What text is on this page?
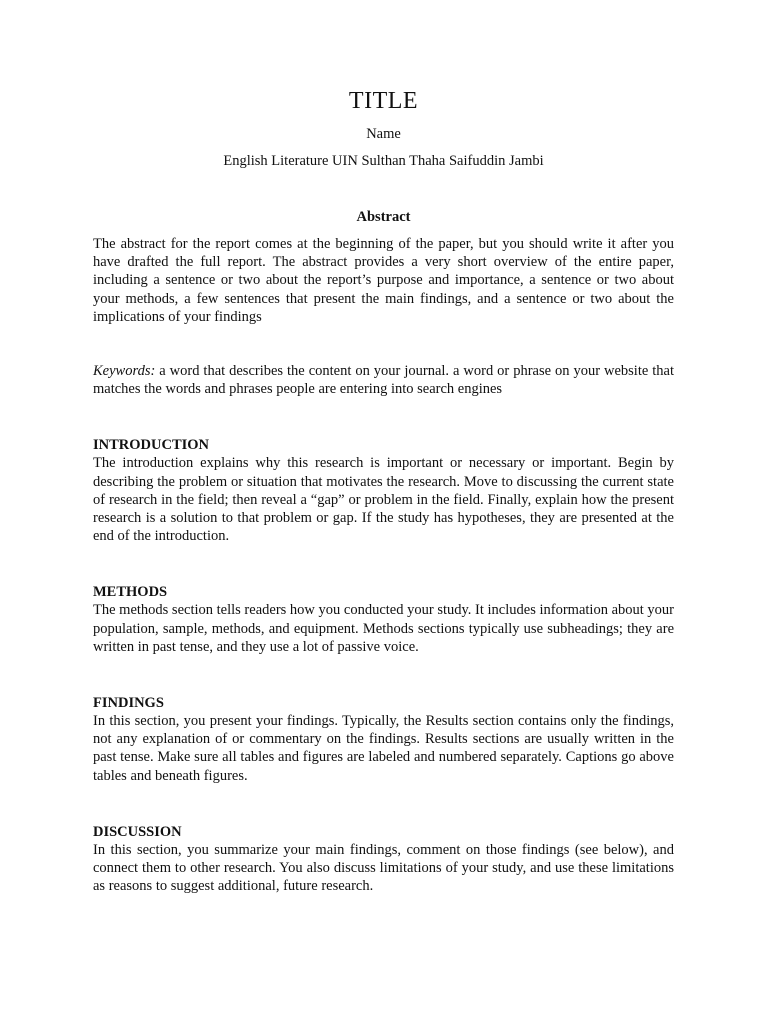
TITLE
Name
English Literature UIN Sulthan Thaha Saifuddin Jambi
Abstract

The abstract for the report comes at the beginning of the paper, but you should write it after you have drafted the full report. The abstract provides a very short overview of the entire paper, including a sentence or two about the report’s purpose and importance, a sentence or two about your methods, a few sentences that present the main findings, and a sentence or two about the implications of your findings

Keywords: a word that describes the content on your journal. a word or phrase on your website that matches the words and phrases people are entering into search engines

INTRODUCTION

The introduction explains why this research is important or necessary or important. Begin by describing the problem or situation that motivates the research. Move to discussing the current state of research in the field; then reveal a “gap” or problem in the field. Finally, explain how the present research is a solution to that problem or gap. If the study has hypotheses, they are presented at the end of the introduction.

METHODS

The methods section tells readers how you conducted your study. It includes information about your population, sample, methods, and equipment. Methods sections typically use subheadings; they are written in past tense, and they use a lot of passive voice.

FINDINGS

In this section, you present your findings. Typically, the Results section contains only the findings, not any explanation of or commentary on the findings. Results sections are usually written in the past tense. Make sure all tables and figures are labeled and numbered separately. Captions go above tables and beneath figures.

DISCUSSION

In this section, you summarize your main findings, comment on those findings (see below), and connect them to other research. You also discuss limitations of your study, and use these limitations as reasons to suggest additional, future research.
